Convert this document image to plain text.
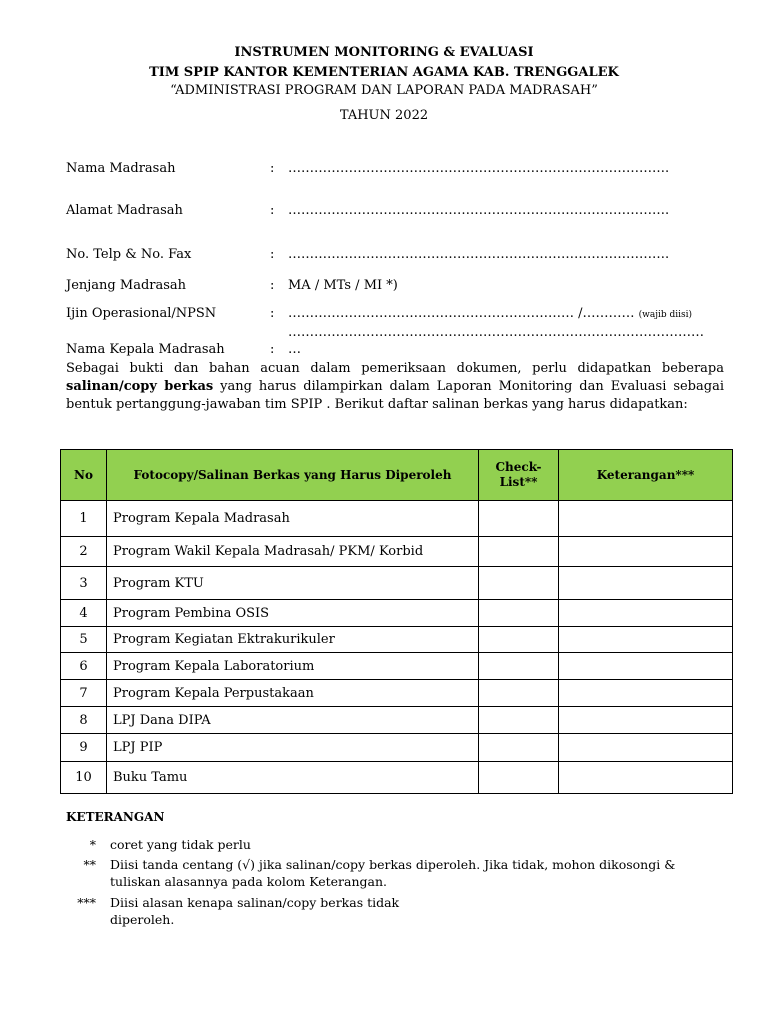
INSTRUMEN MONITORING & EVALUASI
TIM SPIP KANTOR KEMENTERIAN AGAMA KAB. TRENGGALEK
“ADMINISTRASI PROGRAM DAN LAPORAN PADA MADRASAH”
TAHUN 2022
Nama Madrasah	: …………………………………………………………………………….
Alamat Madrasah	: …………………………………………………………………………….
No. Telp & No. Fax	: …………………………………………………………………………….
Jenjang Madrasah	: MA / MTs / MI *)
Ijin Operasional/NPSN	: ………………………………………………………… /………… (wajib diisi)
……………………………………………………………………………………
Nama Kepala Madrasah	: …

Sebagai bukti dan bahan acuan dalam pemeriksaan dokumen, perlu didapatkan beberapa salinan/copy berkas yang harus dilampirkan dalam Laporan Monitoring dan Evaluasi sebagai bentuk pertanggung-jawaban tim SPIP . Berikut daftar salinan berkas yang harus didapatkan:

No	Fotocopy/Salinan Berkas yang Harus Diperoleh	Check-List**	Keterangan***
1	Program Kepala Madrasah		
2	Program Wakil Kepala Madrasah/ PKM/ Korbid		
3	Program KTU		
4	Program Pembina OSIS		
5	Program Kegiatan Ektrakurikuler		
6	Program Kepala Laboratorium		
7	Program Kepala Perpustakaan		
8	LPJ Dana DIPA		
9	LPJ PIP		
10	Buku Tamu		
KETERANGAN
* coret yang tidak perlu
** Diisi tanda centang (√) jika salinan/copy berkas diperoleh. Jika tidak, mohon dikosongi &
tuliskan alasannya pada kolom Keterangan.
*** Diisi alasan kenapa salinan/copy berkas tidak
diperoleh.
